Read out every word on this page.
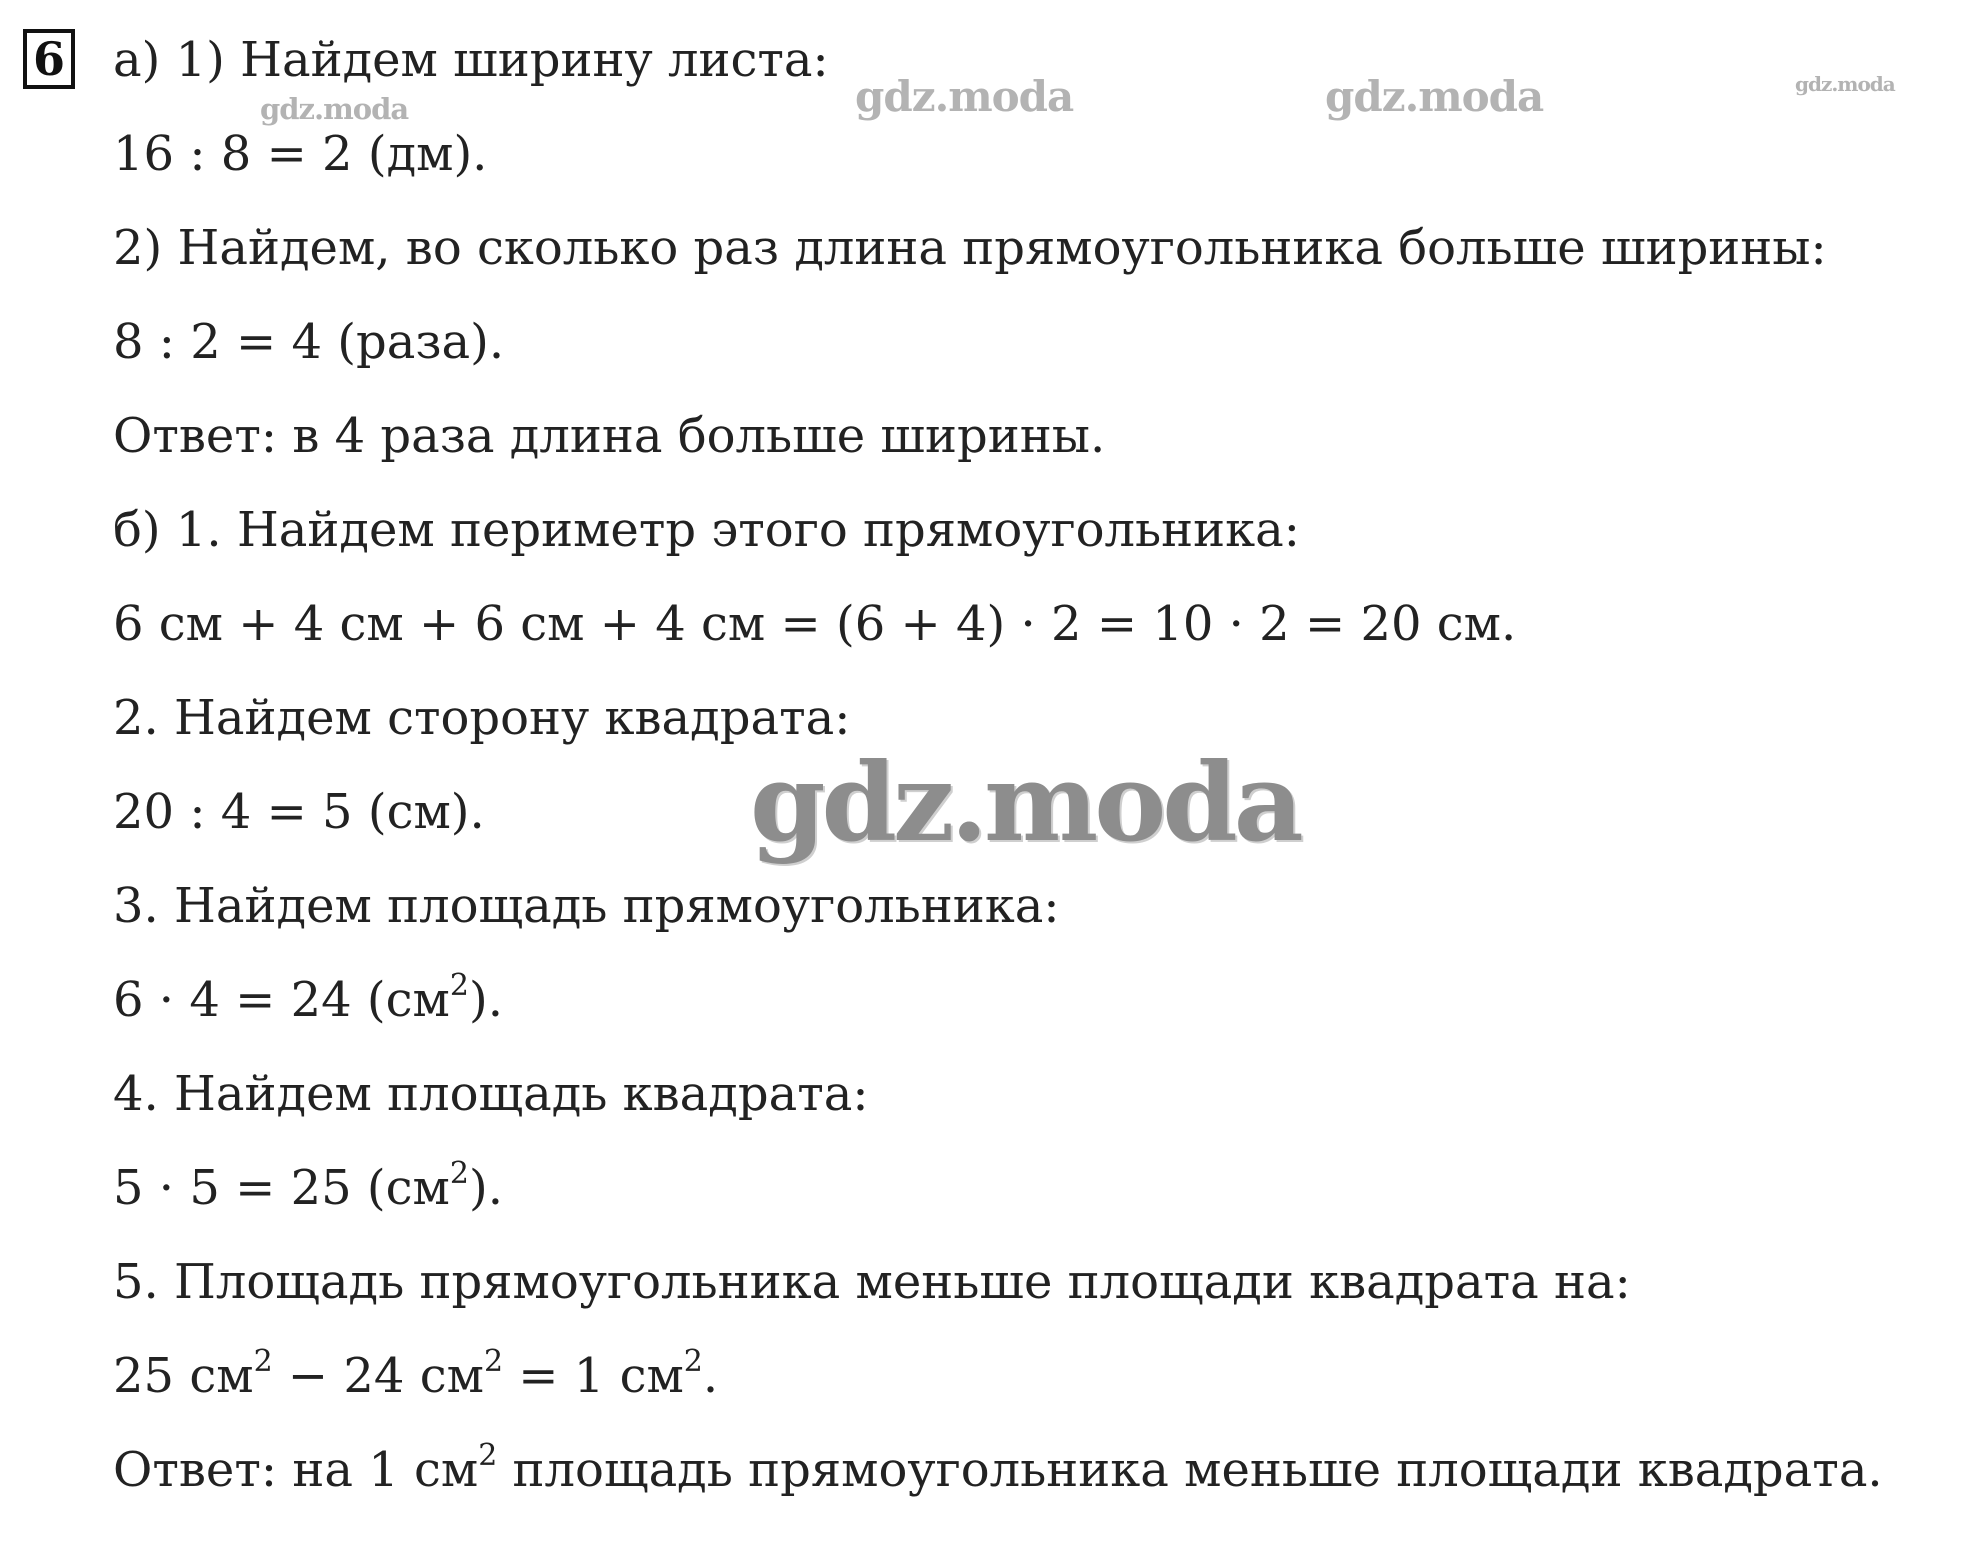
6 а) 1) Найдем ширину листа:
16 : 8 = 2 (дм).
2) Найдем, во сколько раз длина прямоугольника больше ширины:
8 : 2 = 4 (раза).
Ответ: в 4 раза длина больше ширины.
б) 1. Найдем периметр этого прямоугольника:
6 см + 4 см + 6 см + 4 см = (6 + 4) · 2 = 10 · 2 = 20 см.
2. Найдем сторону квадрата:
20 : 4 = 5 (см).
3. Найдем площадь прямоугольника:
6 · 4 = 24 $(см^2)$.
4. Найдем площадь квадрата:
5 · 5 = 25 $(см^2)$.
5. Площадь прямоугольника меньше площади квадрата на:
25 $см^2 - 24$ $см^2 = 1$ $см^2$.
Ответ: на 1 $см^2$ площадь прямоугольника меньше площади квадрата.
gdz.moda	gdz.moda	gdz.moda	gdz.moda
gdz.moda
